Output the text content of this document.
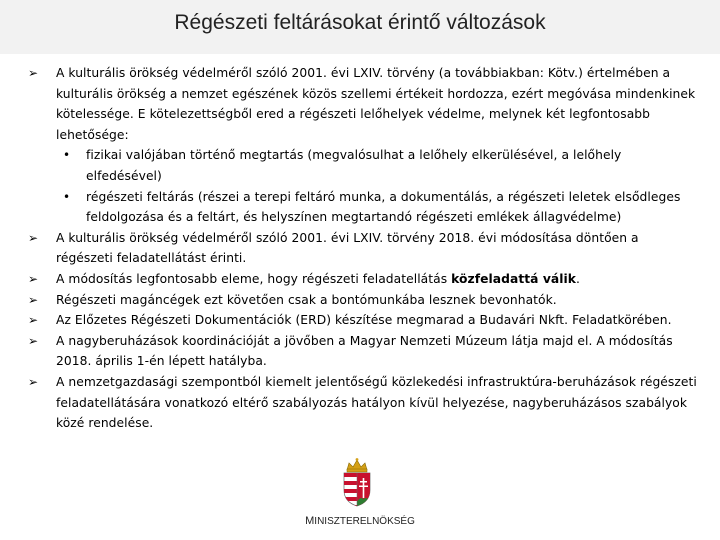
Régészeti feltárásokat érintő változások
➢	A kulturális örökség védelméről szóló 2001. évi LXIV. törvény (a továbbiakban: Kötv.) értelmében a kulturális örökség a nemzet egészének közös szellemi értékeit hordozza, ezért megóvása mindenkinek kötelessége. E kötelezettségből ered a régészeti lelőhelyek védelme, melynek két legfontosabb lehetősége:
• fizikai valójában történő megtartás (megvalósulhat a lelőhely elkerülésével, a lelőhely elfedésével)
• régészeti feltárás (részei a terepi feltáró munka, a dokumentálás, a régészeti leletek elsődleges feldolgozása és a feltárt, és helyszínen megtartandó régészeti emlékek állagvédelme)
➢	A kulturális örökség védelméről szóló 2001. évi LXIV. törvény 2018. évi módosítása döntően a régészeti feladatellátást érinti.
➢	A módosítás legfontosabb eleme, hogy régészeti feladatellátás közfeladattá válik.
➢	Régészeti magáncégek ezt követően csak a bontómunkába lesznek bevonhatók.
➢	Az Előzetes Régészeti Dokumentációk (ERD) készítése megmarad a Budavári Nkft. Feladatkörében.
➢	A nagyberuházások koordinációját a jövőben a Magyar Nemzeti Múzeum látja majd el. A módosítás 2018. április 1-én lépett hatályba.
➢	A nemzetgazdasági szempontból kiemelt jelentőségű közlekedési infrastruktúra-beruházások régészeti feladatellátására vonatkozó eltérő szabályozás hatályon kívül helyezése, nagyberuházásos szabályok közé rendelése.
MINISZTERELNÖKSÉG
